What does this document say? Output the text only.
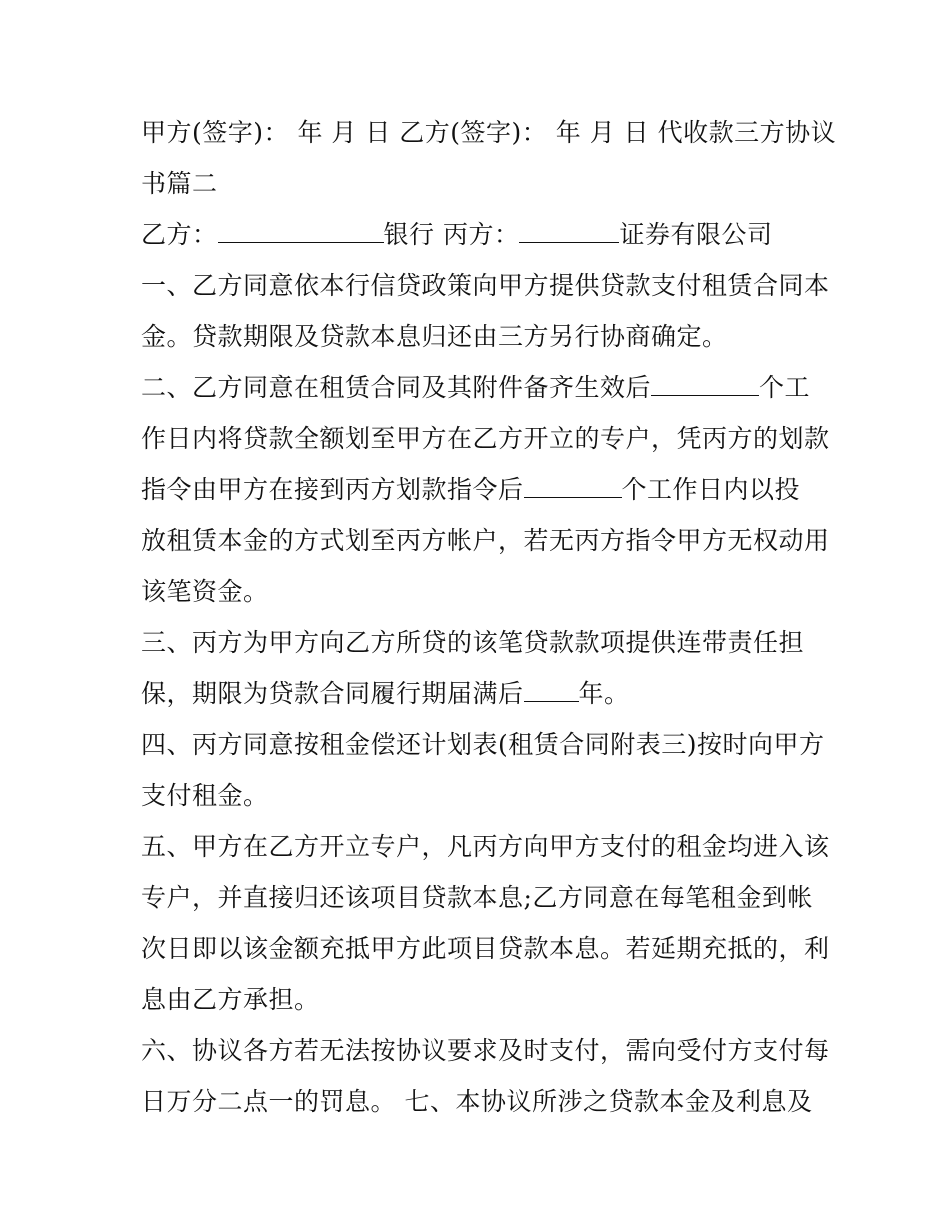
甲方(签字)： 年 月 日 乙方(签字)： 年 月 日 代收款三方协议
书篇二
乙方：	银行 丙方：	证券有限公司
一、乙方同意依本行信贷政策向甲方提供贷款支付租赁合同本
金。贷款期限及贷款本息归还由三方另行协商确定。
二、乙方同意在租赁合同及其附件备齐生效后	个工
作日内将贷款全额划至甲方在乙方开立的专户，凭丙方的划款
指令由甲方在接到丙方划款指令后	个工作日内以投
放租赁本金的方式划至丙方帐户，若无丙方指令甲方无权动用
该笔资金。
三、丙方为甲方向乙方所贷的该笔贷款款项提供连带责任担
保，期限为贷款合同履行期届满后 年。
四、丙方同意按租金偿还计划表(租赁合同附表三)按时向甲方
支付租金。
五、甲方在乙方开立专户，凡丙方向甲方支付的租金均进入该
专户，并直接归还该项目贷款本息;乙方同意在每笔租金到帐
次日即以该金额充抵甲方此项目贷款本息。若延期充抵的，利
息由乙方承担。
六、协议各方若无法按协议要求及时支付，需向受付方支付每
日万分二点一的罚息。 七、本协议所涉之贷款本金及利息及
